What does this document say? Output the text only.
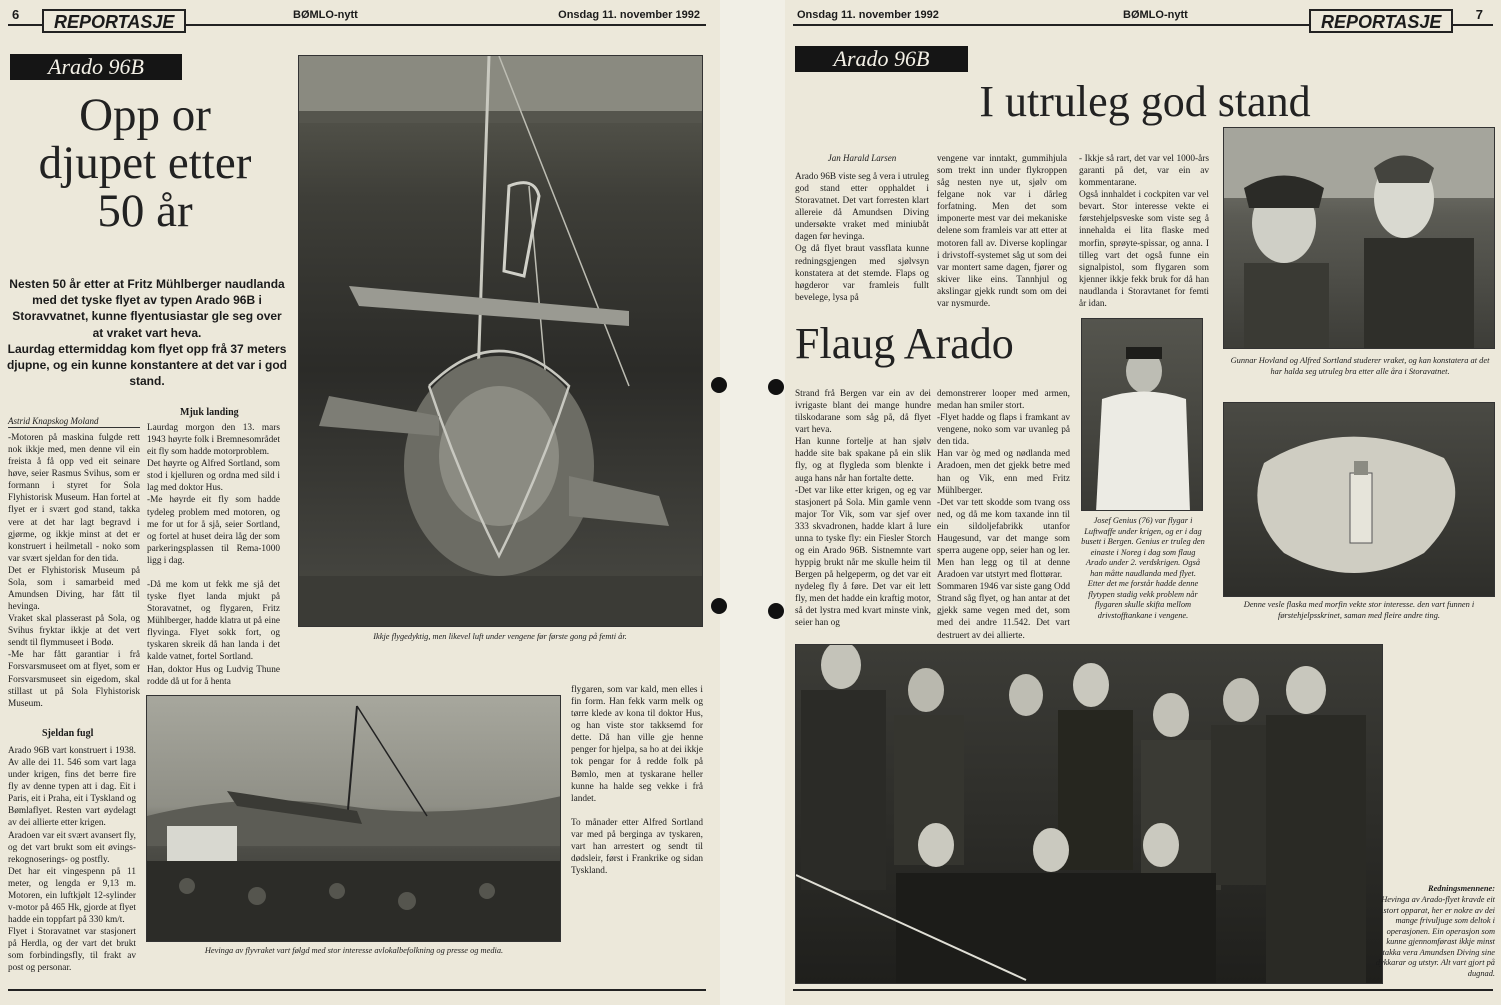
6	REPORTASJE	BØMLO-nytt	Onsdag 11. november 1992
Arado 96B
Opp or djupet etter 50 år
Nesten 50 år etter at Fritz Mühlberger naudlanda med det tyske flyet av typen Arado 96B i Storavvatnet, kunne flyentusiastar gle seg over at vraket vart heva.
Laurdag ettermiddag kom flyet opp frå 37 meters djupne, og ein kunne konstantere at det var i god stand.
Astrid Knapskog Moland
-Motoren på maskina fulgde rett nok ikkje med, men denne vil ein freista å få opp ved eit seinare høve, seier Rasmus Svihus, som er formann i styret for Sola Flyhistorisk Museum. Han fortel at flyet er i svært god stand, takka vere at det har lagt begravd i gjørme, og ikkje minst at det er konstruert i heilmetall - noko som var svært sjeldan for den tida.
Det er Flyhistorisk Museum på Sola, som i samarbeid med Amundsen Diving, har fått til hevinga.
Vraket skal plasserast på Sola, og Svihus fryktar ikkje at det vert sendt til flymmuseet i Bodø.
-Me har fått garantiar i frå Forsvarsmuseet om at flyet, som er Forsvarsmuseet sin eigedom, skal stillast ut på Sola Flyhistorisk Museum.
Mjuk landing
Laurdag morgon den 13. mars 1943 høyrte folk i Bremnesområdet eit fly som hadde motorproblem.
Det høyrte og Alfred Sortland, som stod i kjelluren og ordna med sild i lag med doktor Hus.
-Me høyrde eit fly som hadde tydeleg problem med motoren, og me for ut for å sjå, seier Sortland, og fortel at huset deira låg der som parkeringsplassen til Rema-1000 ligg i dag.

-Då me kom ut fekk me sjå det tyske flyet landa mjukt på Storavatnet, og flygaren, Fritz Mühlberger, hadde klatra ut på eine flyvinga. Flyet sokk fort, og tyskaren skreik då han landa i det kalde vatnet, fortel Sortland.
Han, doktor Hus og Ludvig Thune rodde då ut for å henta
Ikkje flygedyktig, men likevel luft under vengene før første gong på femti år.
Hevinga av flyvraket vart følgd med stor interesse avlokalbefolkning og presse og media.
Sjeldan fugl
Arado 96B vart konstruert i 1938. Av alle dei 11. 546 som vart laga under krigen, fins det berre fire fly av denne typen att i dag. Eit i Paris, eit i Praha, eit i Tyskland og Bømlaflyet. Resten vart øydelagt av dei allierte etter krigen.
Aradoen var eit svært avansert fly, og det vart brukt som eit øvings- rekognoserings- og postfly.
Det har eit vingespenn på 11 meter, og lengda er 9,13 m. Motoren, ein luftkjølt 12-sylinder v-motor på 465 Hk, gjorde at flyet hadde ein toppfart på 330 km/t.
Flyet i Storavatnet var stasjonert på Herdla, og der vart det brukt som forbindingsfly, til frakt av post og personar.
flygaren, som var kald, men elles i fin form. Han fekk varm melk og tørre klede av kona til doktor Hus, og han viste stor takksemd for dette. Då han ville gje henne penger for hjelpa, sa ho at dei ikkje tok pengar for å redde folk på Bømlo, men at tyskarane heller kunne ha halde seg vekke i frå landet.

To månader etter Alfred Sortland var med på berginga av tyskaren, vart han arrestert og sendt til dødsleir, først i Frankrike og sidan Tyskland.
Onsdag 11. november 1992	BØMLO-nytt	REPORTASJE	7
Arado 96B
I utruleg god stand
Jan Harald Larsen
Arado 96B viste seg å vera i utruleg god stand etter opphaldet i Storavatnet. Det vart forresten klart allereie då Amundsen Diving undersøkte vraket med miniubåt dagen før hevinga.
Og då flyet braut vassflata kunne redningsgjengen med sjølvsyn konstatera at det stemde. Flaps og høgderor var framleis fullt bevelege, lysa på
vengene var inntakt, gummihjula som trekt inn under flykroppen såg nesten nye ut, sjølv om felgane nok var i dårleg forfatning. Men det som imponerte mest var dei mekaniske delene som framleis var att etter at motoren fall av. Diverse koplingar i drivstoff-systemet såg ut som dei var montert same dagen, fjører og skiver like eins. Tannhjul og akslingar gjekk rundt som om dei var nysmurde.
- Ikkje så rart, det var vel 1000-års garanti på det, var ein av kommentarane.
Også innhaldet i cockpiten var vel bevart. Stor interesse vekte ei førstehjelpsveske som viste seg å innehalda ei lita flaske med morfin, sprøyte-spissar, og anna. I tilleg vart det også funne ein signalpistol, som flygaren som kjenner ikkje fekk bruk for då han naudlanda i Storavtanet for femti år idan.
Gunnar Hovland og Alfred Sortland studerer vraket, og kan konstatera at det har halda seg utruleg bra etter alle åra i Storavatnet.
Flaug Arado
Strand frå Bergen var ein av dei ivrigaste blant dei mange hundre tilskodarane som såg på, då flyet vart heva.
Han kunne fortelje at han sjølv hadde site bak spakane på ein slik fly, og at flygleda som blenkte i auga hans når han fortalte dette.
-Det var like etter krigen, og eg var stasjonert på Sola. Min gamle venn major Tor Vik, som var sjef over 333 skvadronen, hadde klart å lure unna to tyske fly: ein Fiesler Storch og ein Arado 96B. Sistnemnte vart hyppig brukt når me skulle heim til Bergen på helgeperm, og det var eit nydeleg fly å føre. Det var eit lett fly, men det hadde ein kraftig motor, så det lystra med kvart minste vink, seier han og
demonstrerer looper med armen, medan han smiler stort.
-Flyet hadde og flaps i framkant av vengene, noko som var uvanleg på den tida.
Han var òg med og nødlanda med Aradoen, men det gjekk betre med han og Vik, enn med Fritz Mühlberger.
-Det var tett skodde som tvang oss ned, og då me kom taxande inn til ein sildoljefabrikk utanfor Haugesund, var det mange som sperra augene opp, seier han og ler. Men han legg og til at denne Aradoen var utstyrt med flottørar.
Sommaren 1946 var siste gang Odd Strand såg flyet, og han antar at det gjekk same vegen med det, som med dei andre 11.542. Det vart destruert av dei allierte.
Josef Genius (76) var flygar i Luftwaffe under krigen, og er i dag busett i Bergen. Genius er truleg den einaste i Noreg i dag som flaug Arado under 2. verdskrigen. Også han måtte naudlanda med flyet. Etter det me forstår hadde denne flytypen stadig vekk problem når flygaren skulle skifta mellom drivstofftankane i vengene.
Denne vesle flaska med morfin vekte stor interesse. den vart funnen i førstehjelpsskrinet, saman med fleire andre ting.
Redningsmennene:
Hevinga av Arado-flyet kravde eit stort opparat, her er nokre av dei mange frivuljuge som deltok i operasjonen. Ein operasjon som kunne gjennomførast ikkje minst takka vera Amundsen Diving sine dykkarar og utstyr. Alt vart gjort på dugnad.
